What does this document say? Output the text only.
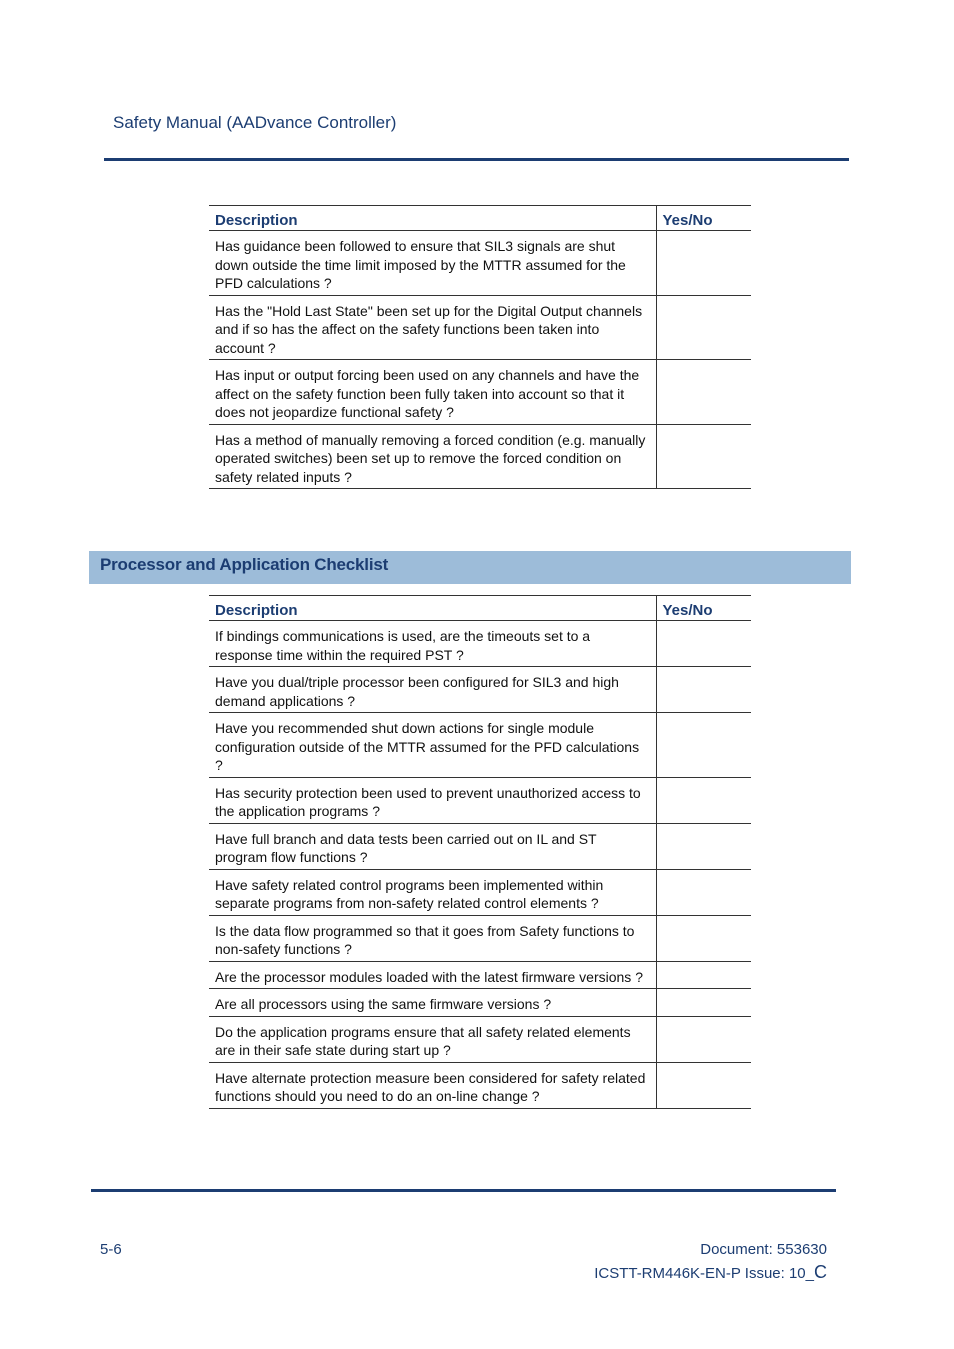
Safety Manual (AADvance Controller)
Description	Yes/No
Has guidance been followed to ensure that SIL3 signals are shut down outside the time limit imposed by the MTTR assumed for the PFD calculations ?	
Has the "Hold Last State" been set up for the Digital Output channels and if so has the affect on the safety functions been taken into account ?	
Has input or output forcing been used on any channels and have the affect on the safety function been fully taken into account so that it does not jeopardize functional safety ?	
Has a method of manually removing a forced condition (e.g. manually operated switches) been set up to remove the forced condition on safety related inputs ?	
Processor and Application Checklist
Description	Yes/No
If bindings communications is used, are the timeouts set to a response time within the required PST ?	
Have you dual/triple processor been configured for SIL3 and high demand applications ?	
Have you recommended shut down actions for single module configuration outside of the MTTR assumed for the PFD calculations ?	
Has security protection been used to prevent unauthorized access to the application programs ?	
Have full branch and data tests been carried out on IL and ST program flow functions ?	
Have safety related control programs been implemented within separate programs from non-safety related control elements ?	
Is the data flow programmed so that it goes from Safety functions to non-safety functions ?	
Are the processor modules loaded with the latest firmware versions ?	
Are all processors using the same firmware versions ?	
Do the application programs ensure that all safety related elements are in their safe state during start up ?	
Have alternate protection measure been considered for safety related functions should you need to do an on-line change ?	
5-6	Document: 553630
ICSTT-RM446K-EN-P Issue: 10_C
